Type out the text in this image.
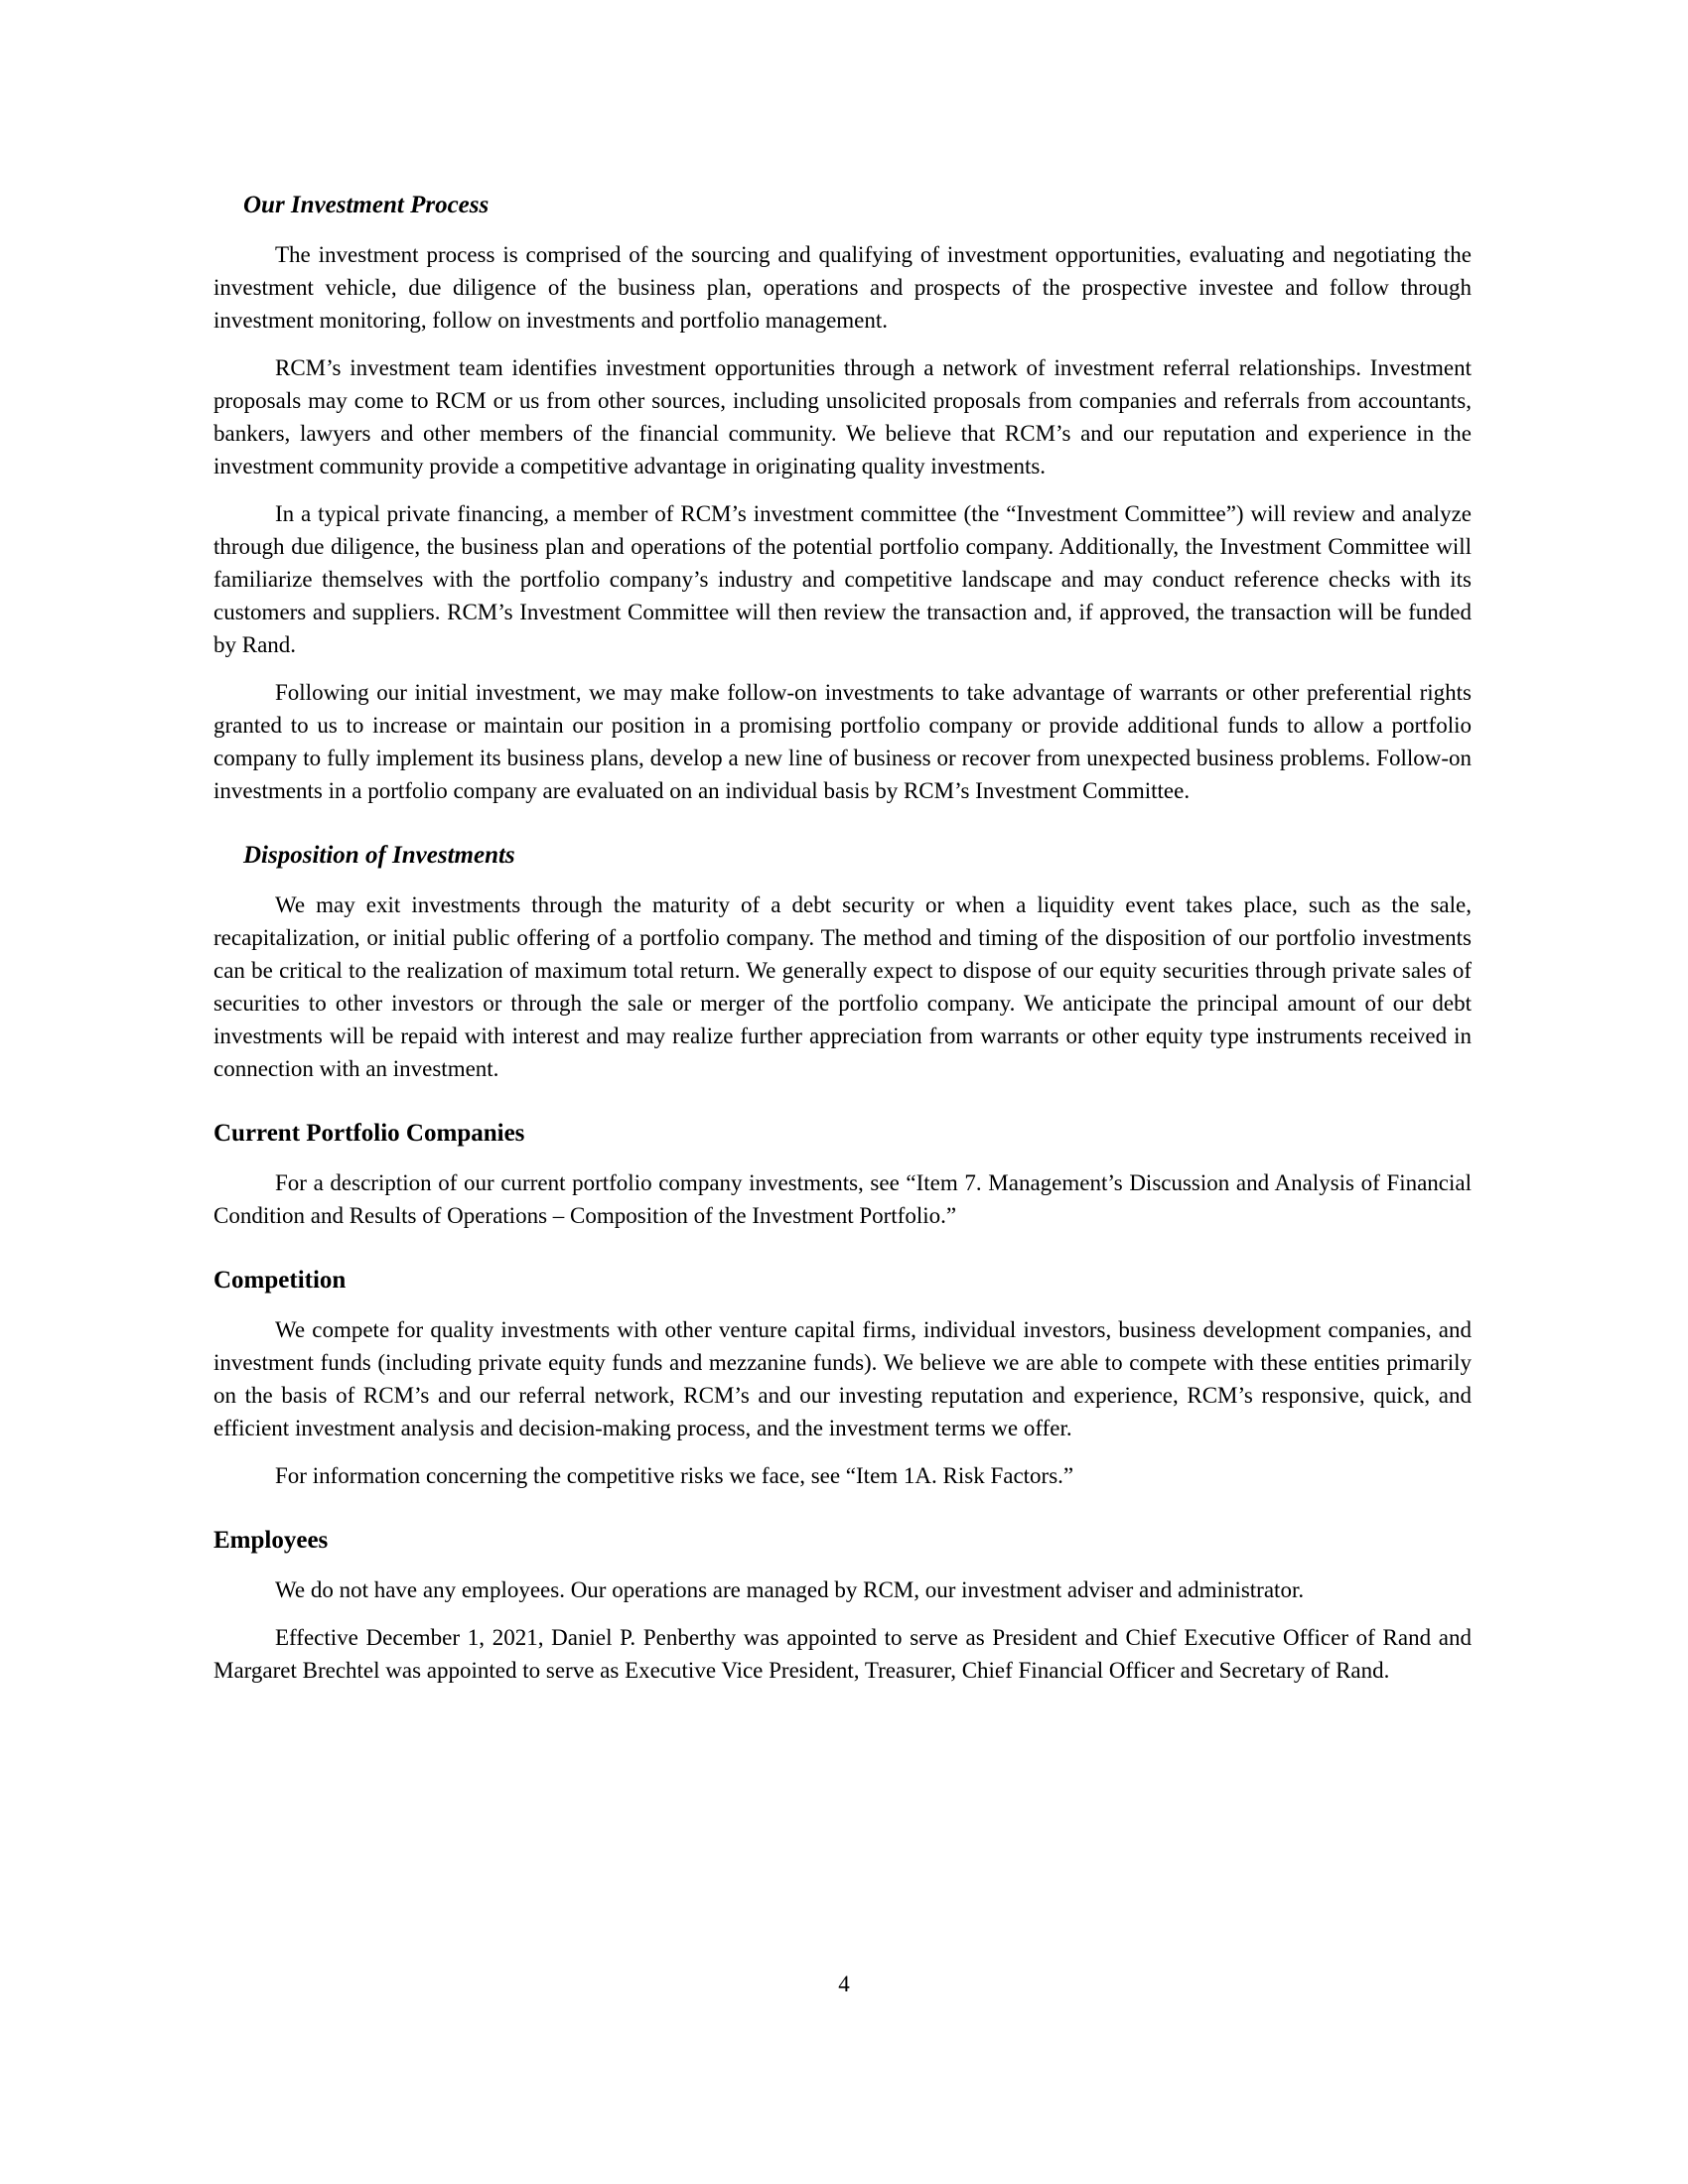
Our Investment Process

The investment process is comprised of the sourcing and qualifying of investment opportunities, evaluating and negotiating the investment vehicle, due diligence of the business plan, operations and prospects of the prospective investee and follow through investment monitoring, follow on investments and portfolio management.

RCM’s investment team identifies investment opportunities through a network of investment referral relationships. Investment proposals may come to RCM or us from other sources, including unsolicited proposals from companies and referrals from accountants, bankers, lawyers and other members of the financial community. We believe that RCM’s and our reputation and experience in the investment community provide a competitive advantage in originating quality investments.

In a typical private financing, a member of RCM’s investment committee (the “Investment Committee”) will review and analyze through due diligence, the business plan and operations of the potential portfolio company. Additionally, the Investment Committee will familiarize themselves with the portfolio company’s industry and competitive landscape and may conduct reference checks with its customers and suppliers. RCM’s Investment Committee will then review the transaction and, if approved, the transaction will be funded by Rand.

Following our initial investment, we may make follow-on investments to take advantage of warrants or other preferential rights granted to us to increase or maintain our position in a promising portfolio company or provide additional funds to allow a portfolio company to fully implement its business plans, develop a new line of business or recover from unexpected business problems. Follow-on investments in a portfolio company are evaluated on an individual basis by RCM’s Investment Committee.

Disposition of Investments

We may exit investments through the maturity of a debt security or when a liquidity event takes place, such as the sale, recapitalization, or initial public offering of a portfolio company. The method and timing of the disposition of our portfolio investments can be critical to the realization of maximum total return. We generally expect to dispose of our equity securities through private sales of securities to other investors or through the sale or merger of the portfolio company. We anticipate the principal amount of our debt investments will be repaid with interest and may realize further appreciation from warrants or other equity type instruments received in connection with an investment.

Current Portfolio Companies

For a description of our current portfolio company investments, see “Item 7. Management’s Discussion and Analysis of Financial Condition and Results of Operations – Composition of the Investment Portfolio.”

Competition

We compete for quality investments with other venture capital firms, individual investors, business development companies, and investment funds (including private equity funds and mezzanine funds). We believe we are able to compete with these entities primarily on the basis of RCM’s and our referral network, RCM’s and our investing reputation and experience, RCM’s responsive, quick, and efficient investment analysis and decision-making process, and the investment terms we offer.

For information concerning the competitive risks we face, see “Item 1A. Risk Factors.”

Employees

We do not have any employees. Our operations are managed by RCM, our investment adviser and administrator.

Effective December 1, 2021, Daniel P. Penberthy was appointed to serve as President and Chief Executive Officer of Rand and Margaret Brechtel was appointed to serve as Executive Vice President, Treasurer, Chief Financial Officer and Secretary of Rand.

4
